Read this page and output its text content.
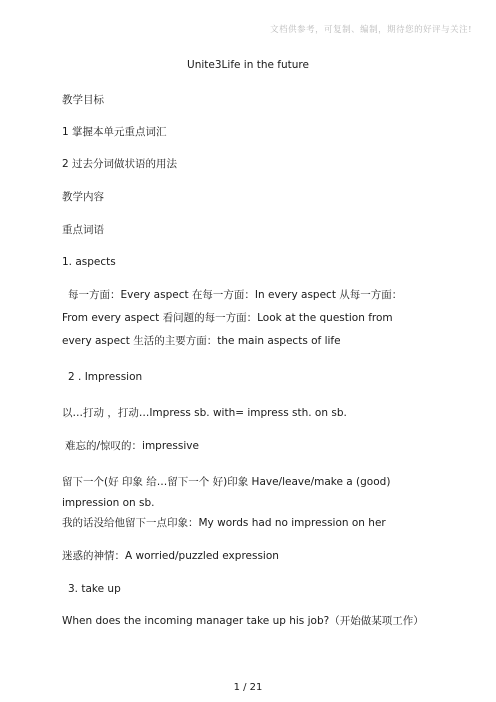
文档供参考，可复制、编制，期待您的好评与关注!
Unite3Life in the future
教学目标
1 掌握本单元重点词汇
2 过去分词做状语的用法
教学内容
重点词语
1. aspects
每一方面：Every aspect 在每一方面：In every aspect 从每一方面：
From every aspect 看问题的每一方面：Look at the question from
every aspect 生活的主要方面：the main aspects of life
2 . Impression
以…打动 ，打动…Impress sb. with= impress sth. on sb.
难忘的/惊叹的：impressive
留下一个(好 印象 给…留下一个 好)印象 Have/leave/make a (good)
impression on sb.
我的话没给他留下一点印象：My words had no impression on her
迷惑的神情：A worried/puzzled expression
3. take up
When does the incoming manager take up his job?（开始做某项工作）
1 / 21
